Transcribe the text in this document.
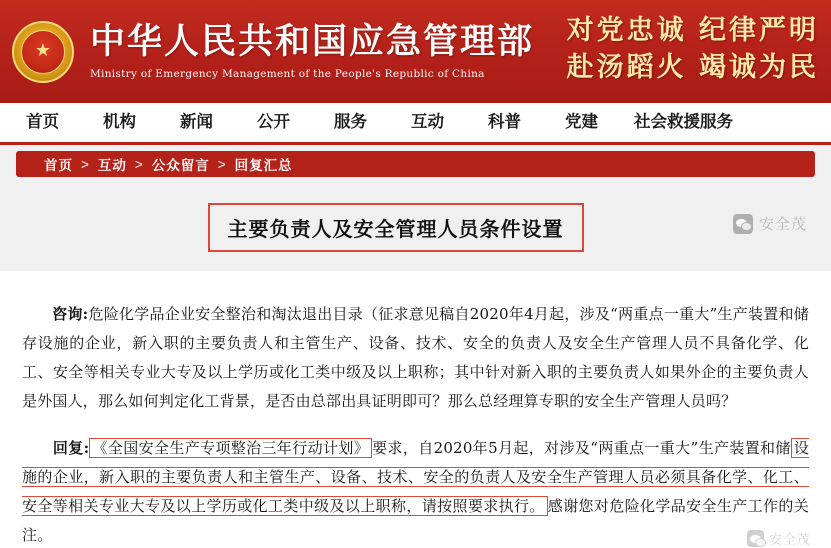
★ 中华人民共和国应急管理部
Ministry of Emergency Management of the People's Republic of China
对党忠诚 纪律严明
赴汤蹈火 竭诚为民
首页	机构	新闻	公开	服务	互动	科普	党建	社会救援服务
首页 > 互动 > 公众留言 > 回复汇总
主要负责人及安全管理人员条件设置	安全茂

咨询:危险化学品企业安全整治和淘汰退出目录（征求意见稿自2020年4月起，涉及“两重点一重大”生产装置和储存设施的企业，新入职的主要负责人和主管生产、设备、技术、安全的负责人及安全生产管理人员不具备化学、化工、安全等相关专业大专及以上学历或化工类中级及以上职称；其中针对新入职的主要负责人如果外企的主要负责人是外国人，那么如何判定化工背景，是否由总部出具证明即可？那么总经理算专职的安全生产管理人员吗？

回复: 《全国安全生产专项整治三年行动计划》 要求，自2020年5月起，对涉及“两重点一重大”生产装置和储 设施的企业，新入职的主要负责人和主管生产、设备、技术、安全的负责人及安全生产管理人员必须具备化学、化工、安全等相关专业大专及以上学历或化工类中级及以上职称，请按照要求执行。 感谢您对危险化学品安全生产工作的关注。	安全茂
